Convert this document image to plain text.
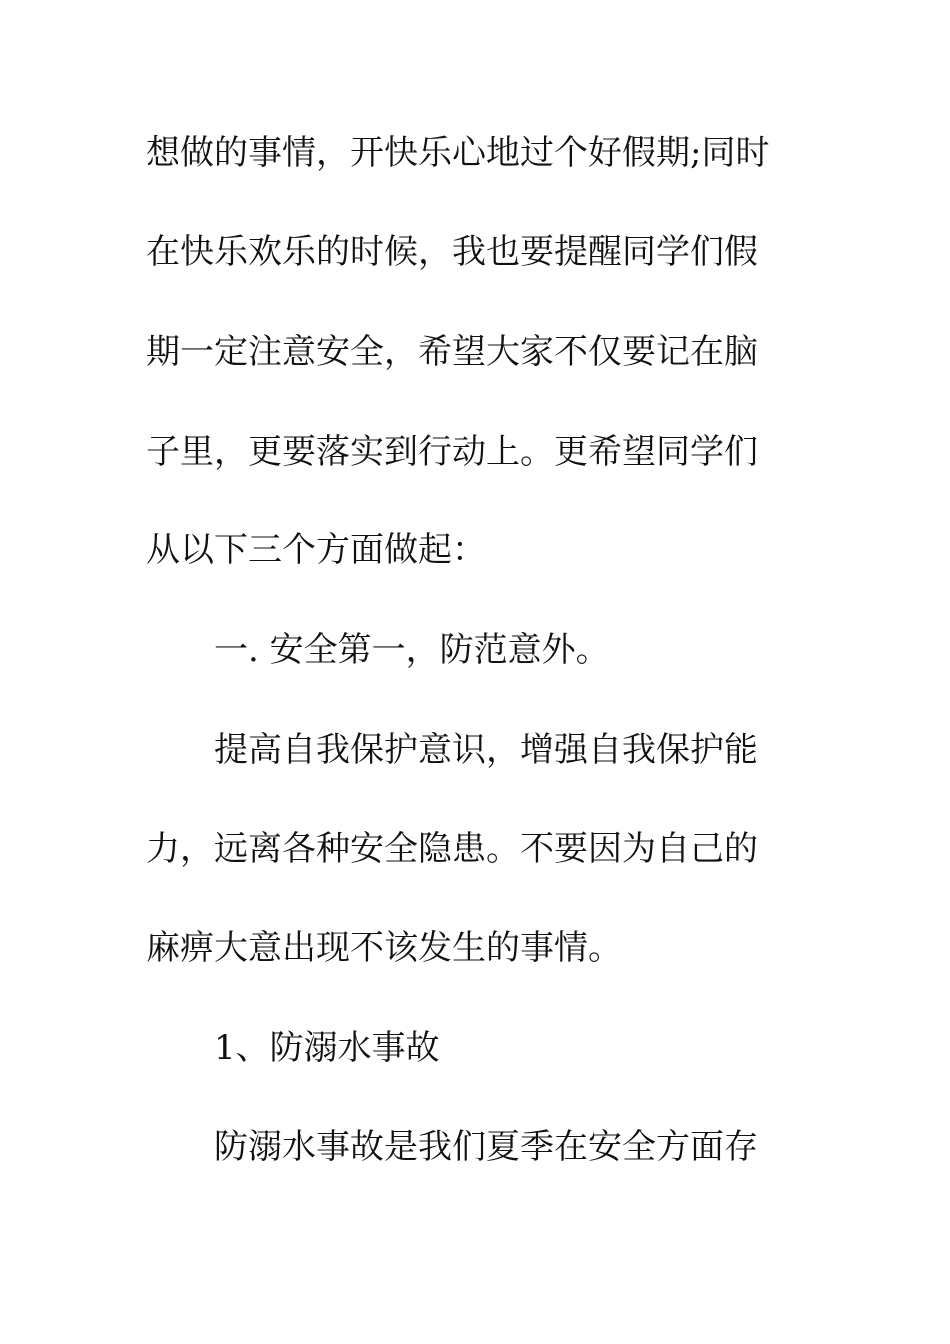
想做的事情，开快乐心地过个好假期;同时
在快乐欢乐的时候，我也要提醒同学们假
期一定注意安全，希望大家不仅要记在脑
子里，更要落实到行动上。更希望同学们
从以下三个方面做起：
一. 安全第一，防范意外。
提高自我保护意识，增强自我保护能
力，远离各种安全隐患。不要因为自己的
麻痹大意出现不该发生的事情。
1、防溺水事故
防溺水事故是我们夏季在安全方面存
